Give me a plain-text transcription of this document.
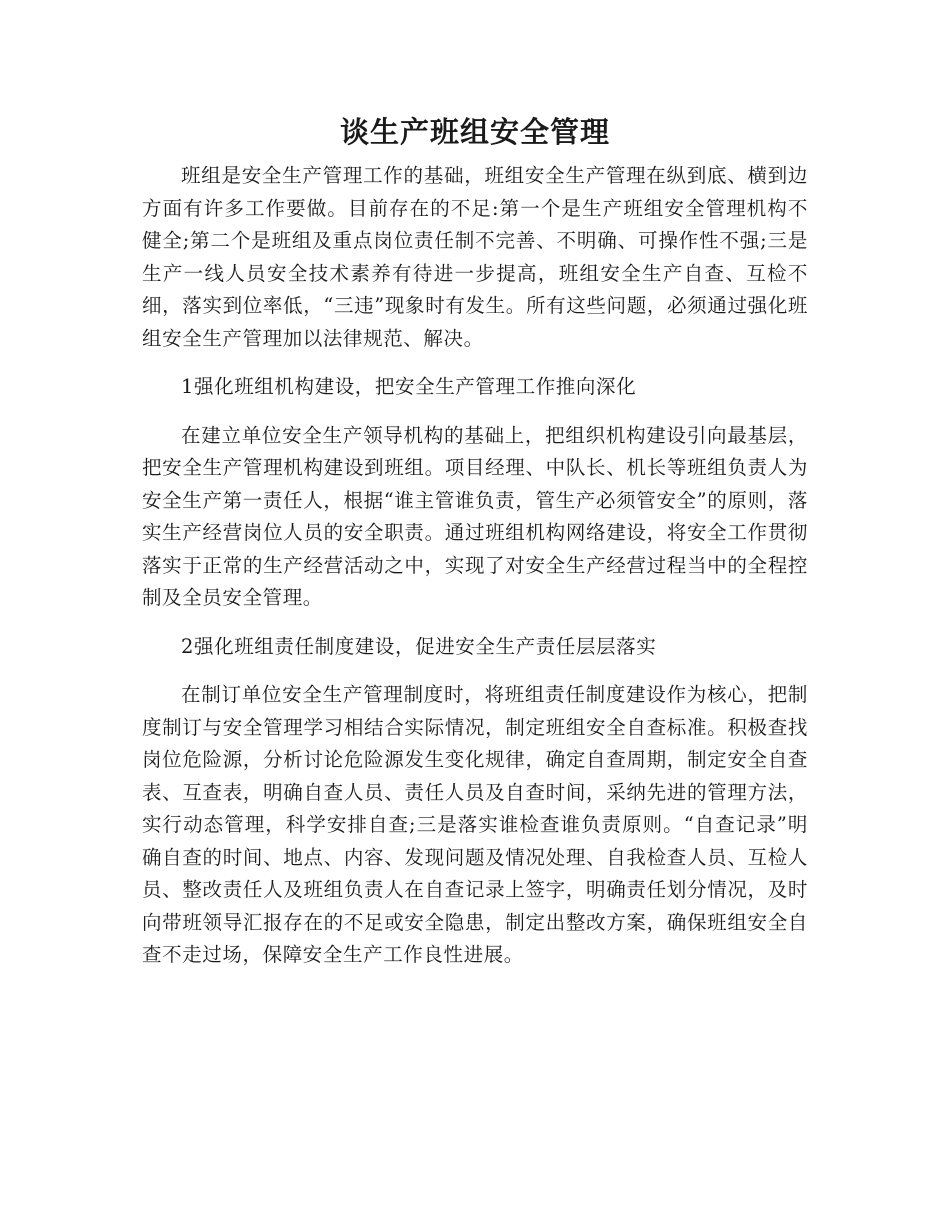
谈生产班组安全管理

班组是安全生产管理工作的基础，班组安全生产管理在纵到底、横到边方面有许多工作要做。目前存在的不足:第一个是生产班组安全管理机构不健全;第二个是班组及重点岗位责任制不完善、不明确、可操作性不强;三是生产一线人员安全技术素养有待进一步提高，班组安全生产自查、互检不细，落实到位率低，“三违”现象时有发生。所有这些问题，必须通过强化班组安全生产管理加以法律规范、解决。

1强化班组机构建设，把安全生产管理工作推向深化

在建立单位安全生产领导机构的基础上，把组织机构建设引向最基层，把安全生产管理机构建设到班组。项目经理、中队长、机长等班组负责人为安全生产第一责任人，根据“谁主管谁负责，管生产必须管安全”的原则，落实生产经营岗位人员的安全职责。通过班组机构网络建设，将安全工作贯彻落实于正常的生产经营活动之中，实现了对安全生产经营过程当中的全程控制及全员安全管理。

2强化班组责任制度建设，促进安全生产责任层层落实

在制订单位安全生产管理制度时，将班组责任制度建设作为核心，把制度制订与安全管理学习相结合实际情况，制定班组安全自查标准。积极查找岗位危险源，分析讨论危险源发生变化规律，确定自查周期，制定安全自查表、互查表，明确自查人员、责任人员及自查时间，采纳先进的管理方法，实行动态管理，科学安排自查;三是落实谁检查谁负责原则。“自查记录”明确自查的时间、地点、内容、发现问题及情况处理、自我检查人员、互检人员、整改责任人及班组负责人在自查记录上签字，明确责任划分情况，及时向带班领导汇报存在的不足或安全隐患，制定出整改方案，确保班组安全自查不走过场，保障安全生产工作良性进展。
